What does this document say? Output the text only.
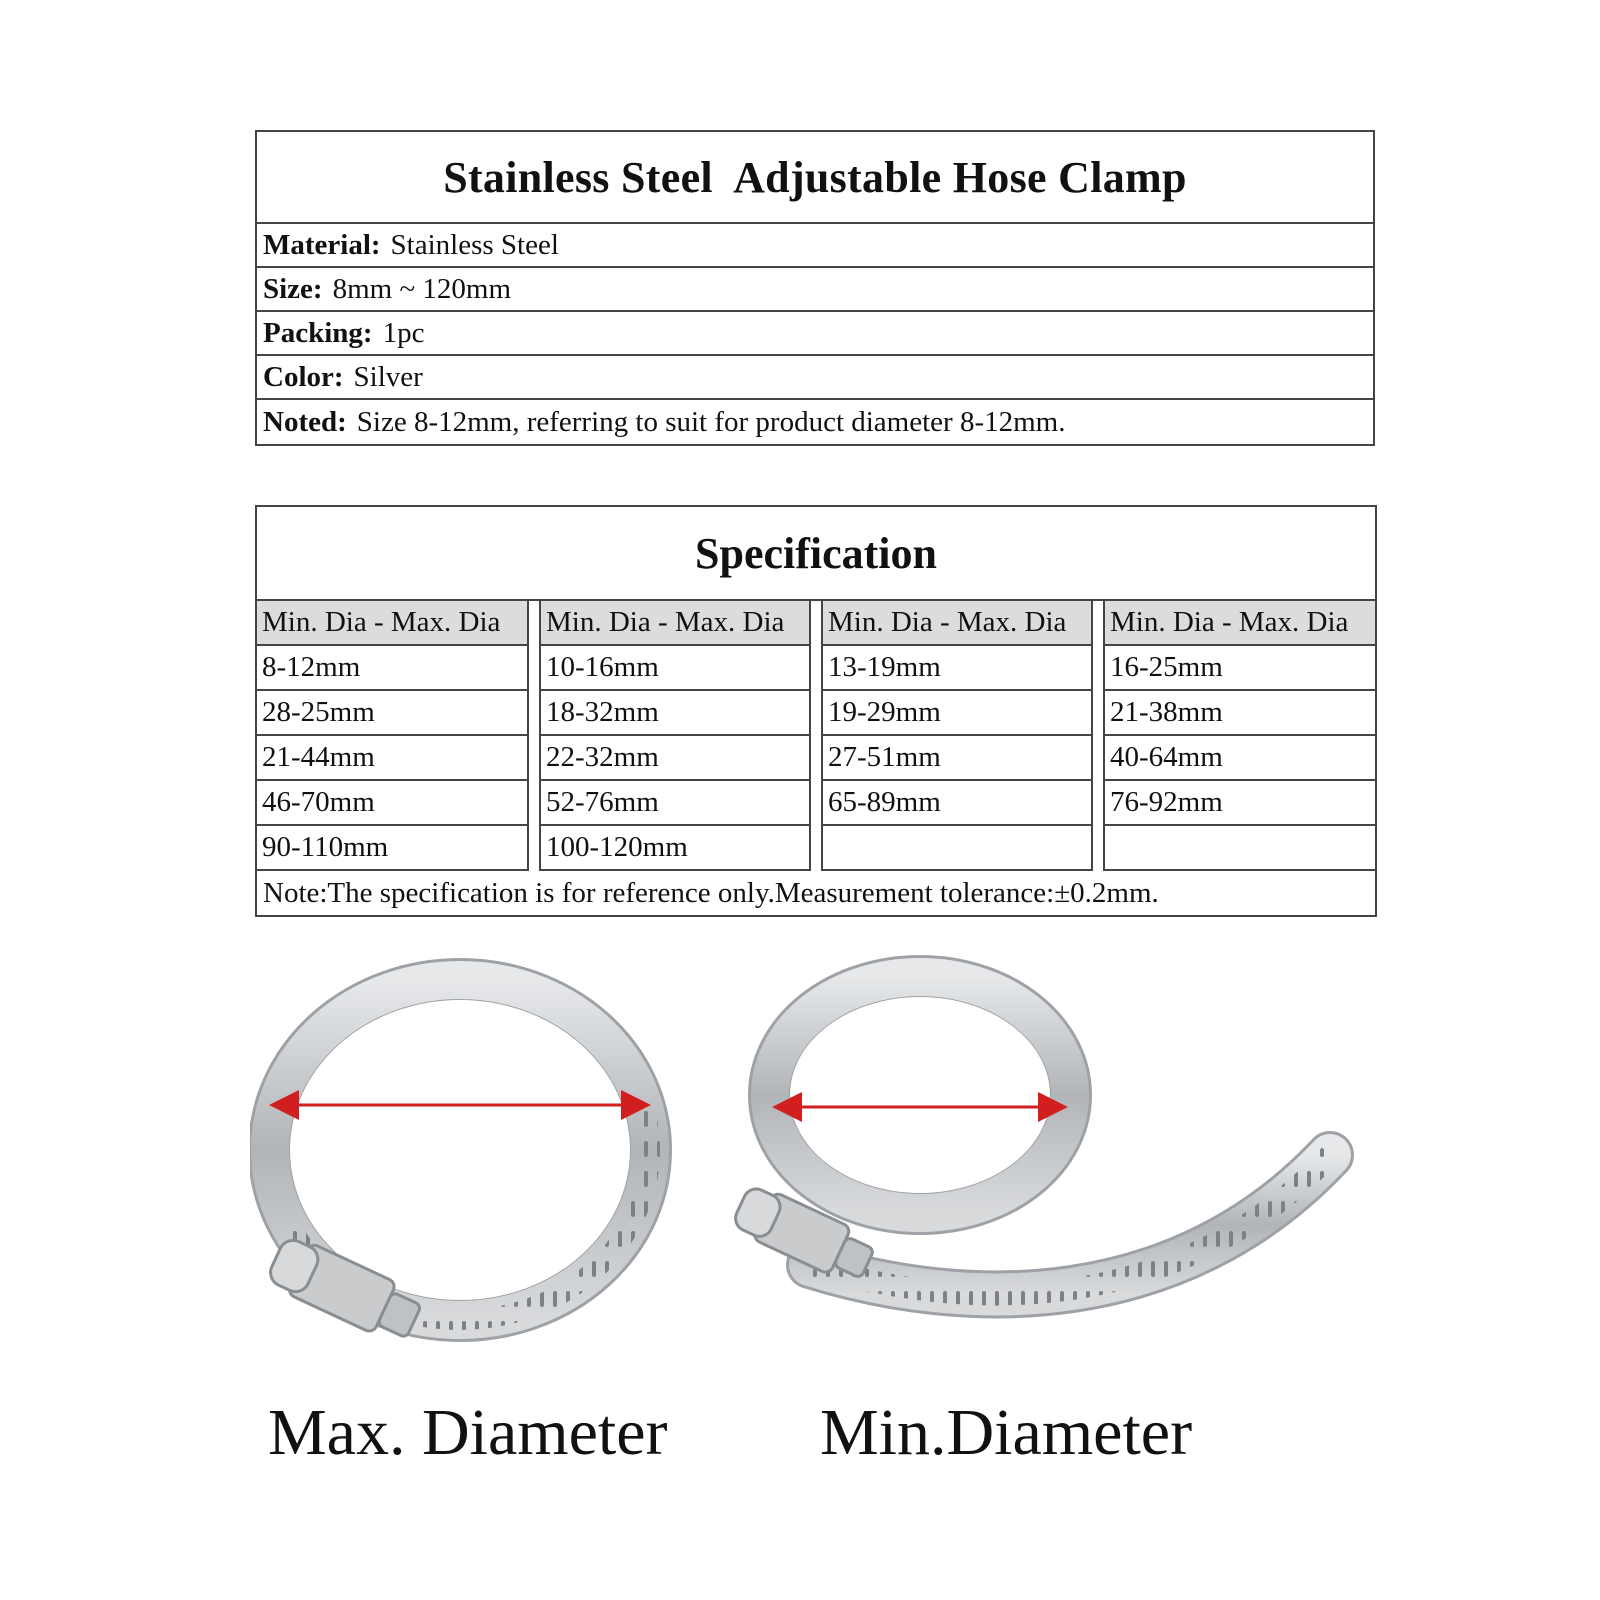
Stainless Steel  Adjustable Hose Clamp
Material: Stainless Steel
Size: 8mm ~ 120mm
Packing: 1pc
Color: Silver
Noted: Size 8-12mm, referring to suit for product diameter 8-12mm.
Specification
Min. Dia - Max. Dia
8-12mm
28-25mm
21-44mm
46-70mm
90-110mm
Min. Dia - Max. Dia
10-16mm
18-32mm
22-32mm
52-76mm
100-120mm
Min. Dia - Max. Dia
13-19mm
19-29mm
27-51mm
65-89mm
Min. Dia - Max. Dia
16-25mm
21-38mm
40-64mm
76-92mm
Note:The specification is for reference only.Measurement tolerance:±0.2mm.
Max. Diameter Min.Diameter
